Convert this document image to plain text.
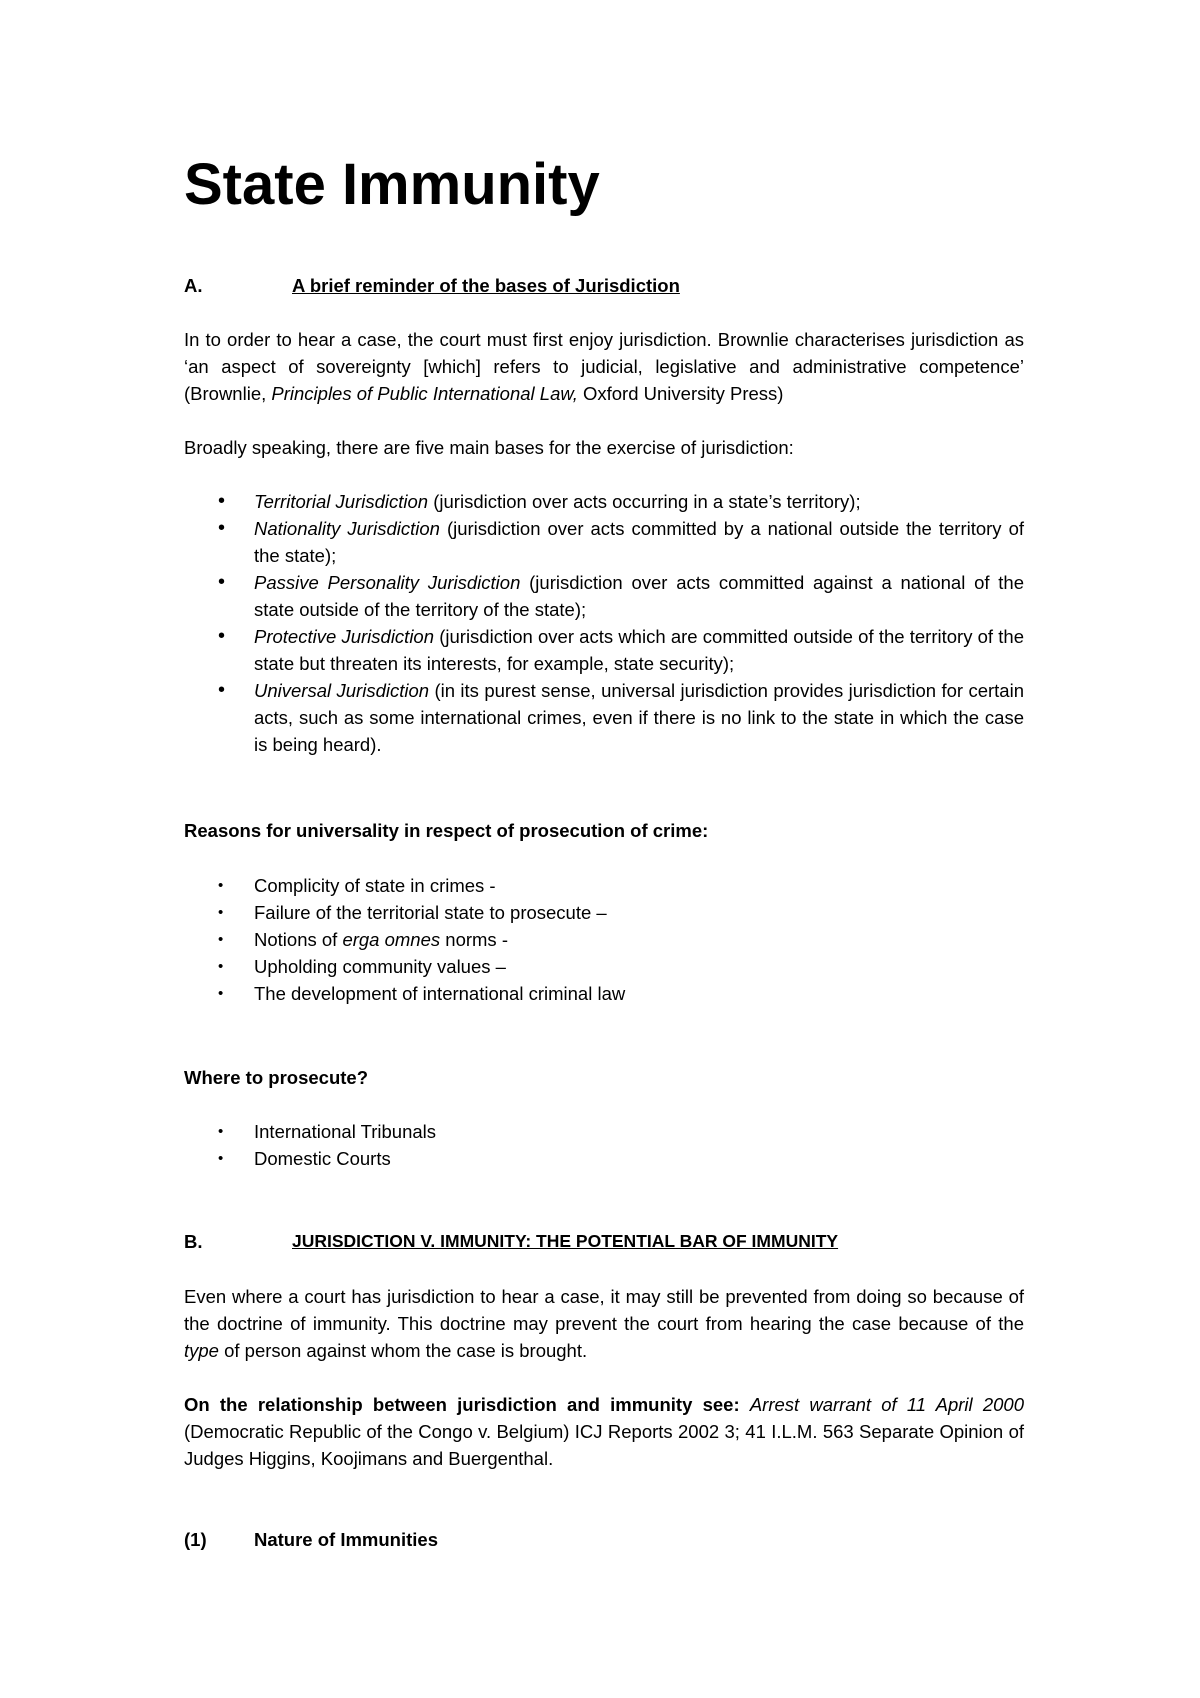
State Immunity
A.	A brief reminder of the bases of Jurisdiction

In to order to hear a case, the court must first enjoy jurisdiction. Brownlie characterises jurisdiction as ‘an aspect of sovereignty [which] refers to judicial, legislative and administrative competence’ (Brownlie, Principles of Public International Law, Oxford University Press)

Broadly speaking, there are five main bases for the exercise of jurisdiction:

• Territorial Jurisdiction (jurisdiction over acts occurring in a state’s territory);
• Nationality Jurisdiction (jurisdiction over acts committed by a national outside the territory of the state);
• Passive Personality Jurisdiction (jurisdiction over acts committed against a national of the state outside of the territory of the state);
• Protective Jurisdiction (jurisdiction over acts which are committed outside of the territory of the state but threaten its interests, for example, state security);
• Universal Jurisdiction (in its purest sense, universal jurisdiction provides jurisdiction for certain acts, such as some international crimes, even if there is no link to the state in which the case is being heard).

Reasons for universality in respect of prosecution of crime:

• Complicity of state in crimes -
• Failure of the territorial state to prosecute –
• Notions of erga omnes norms -
• Upholding community values –
• The development of international criminal law

Where to prosecute?

• International Tribunals
• Domestic Courts
B.	JURISDICTION V. IMMUNITY: THE POTENTIAL BAR OF IMMUNITY

Even where a court has jurisdiction to hear a case, it may still be prevented from doing so because of the doctrine of immunity. This doctrine may prevent the court from hearing the case because of the type of person against whom the case is brought.

On the relationship between jurisdiction and immunity see: Arrest warrant of 11 April 2000 (Democratic Republic of the Congo v. Belgium) ICJ Reports 2002 3; 41 I.L.M. 563 Separate Opinion of Judges Higgins, Koojimans and Buergenthal.

(1)	Nature of Immunities
